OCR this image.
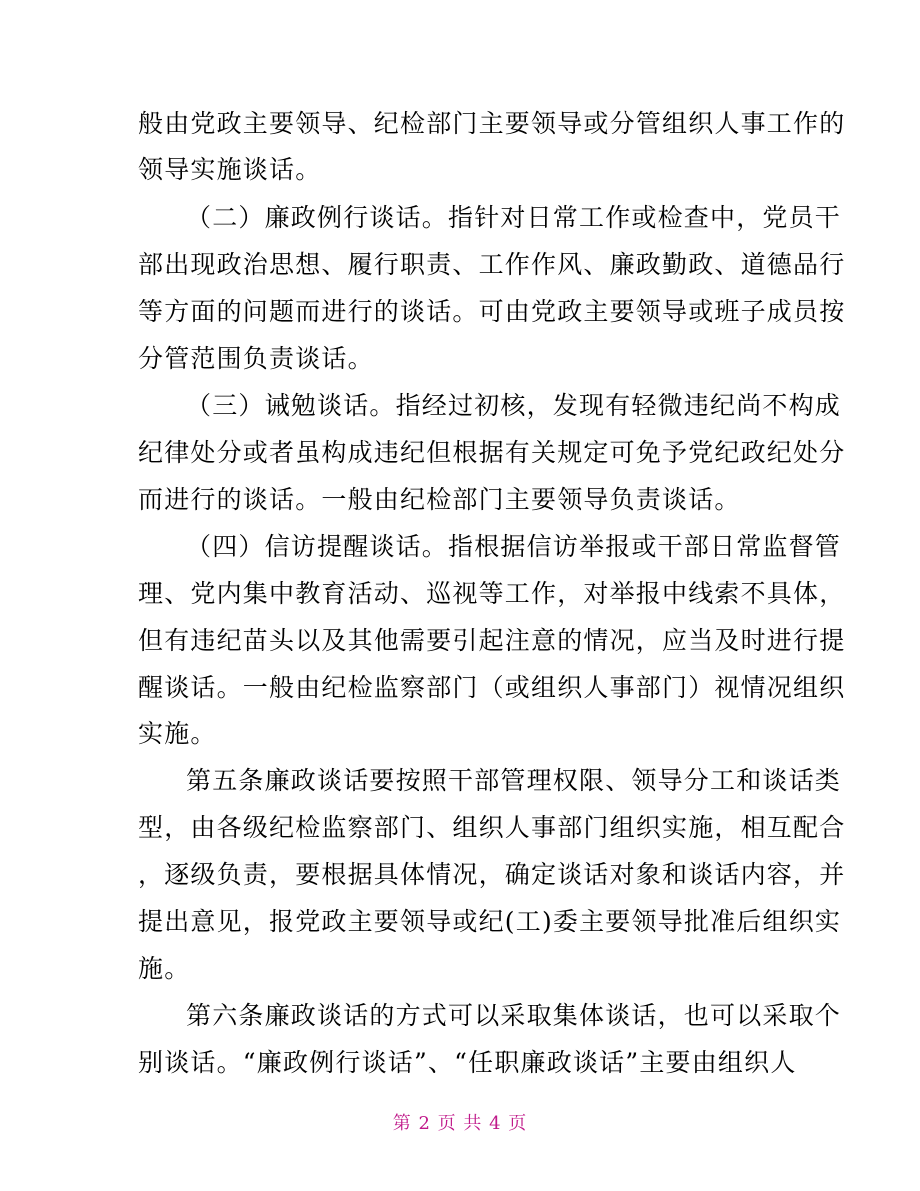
般由党政主要领导、纪检部门主要领导或分管组织人事工作的
领导实施谈话。
（二）廉政例行谈话。指针对日常工作或检查中，党员干
部出现政治思想、履行职责、工作作风、廉政勤政、道德品行
等方面的问题而进行的谈话。可由党政主要领导或班子成员按
分管范围负责谈话。
（三）诫勉谈话。指经过初核，发现有轻微违纪尚不构成
纪律处分或者虽构成违纪但根据有关规定可免予党纪政纪处分
而进行的谈话。一般由纪检部门主要领导负责谈话。
（四）信访提醒谈话。指根据信访举报或干部日常监督管
理、党内集中教育活动、巡视等工作，对举报中线索不具体，
但有违纪苗头以及其他需要引起注意的情况，应当及时进行提
醒谈话。一般由纪检监察部门（或组织人事部门）视情况组织
实施。
第五条廉政谈话要按照干部管理权限、领导分工和谈话类
型，由各级纪检监察部门、组织人事部门组织实施，相互配合
，逐级负责，要根据具体情况，确定谈话对象和谈话内容，并
提出意见，报党政主要领导或纪(工)委主要领导批准后组织实
施。
第六条廉政谈话的方式可以采取集体谈话，也可以采取个
别谈话。“廉政例行谈话”、“任职廉政谈话”主要由组织人
第 2 页 共 4 页
